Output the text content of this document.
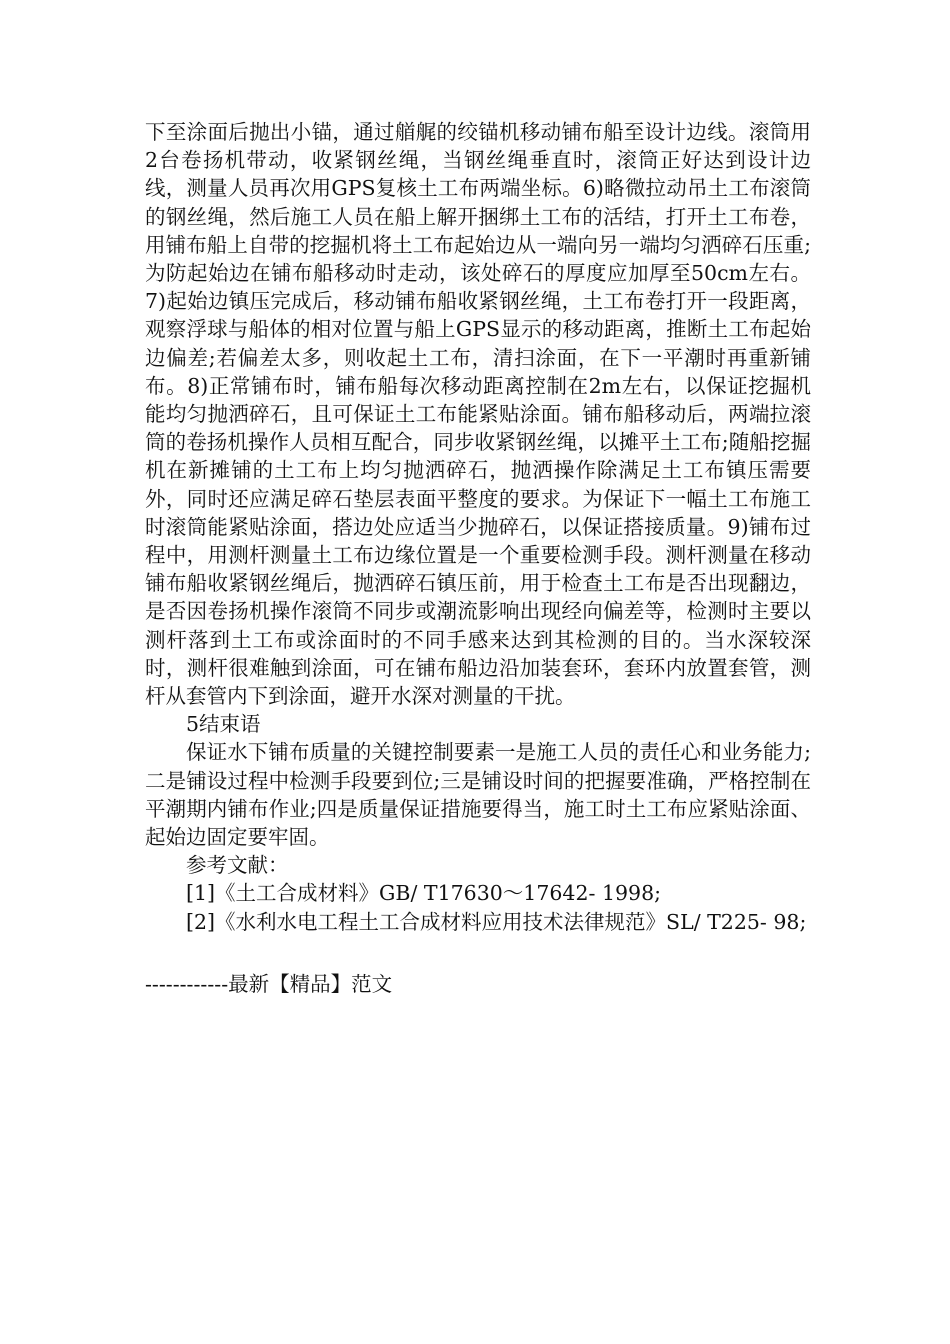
下至涂面后抛出小锚，通过艏艉的绞锚机移动铺布船至设计边线。滚筒用2台卷扬机带动，收紧钢丝绳，当钢丝绳垂直时，滚筒正好达到设计边线，测量人员再次用GPS复核土工布两端坐标。6)略微拉动吊土工布滚筒的钢丝绳，然后施工人员在船上解开捆绑土工布的活结，打开土工布卷，用铺布船上自带的挖掘机将土工布起始边从一端向另一端均匀洒碎石压重;为防起始边在铺布船移动时走动，该处碎石的厚度应加厚至50cm左右。7)起始边镇压完成后，移动铺布船收紧钢丝绳，土工布卷打开一段距离，观察浮球与船体的相对位置与船上GPS显示的移动距离，推断土工布起始边偏差;若偏差太多，则收起土工布，清扫涂面，在下一平潮时再重新铺布。8)正常铺布时，铺布船每次移动距离控制在2m左右，以保证挖掘机能均匀抛洒碎石，且可保证土工布能紧贴涂面。铺布船移动后，两端拉滚筒的卷扬机操作人员相互配合，同步收紧钢丝绳，以摊平土工布;随船挖掘机在新摊铺的土工布上均匀抛洒碎石，抛洒操作除满足土工布镇压需要外，同时还应满足碎石垫层表面平整度的要求。为保证下一幅土工布施工时滚筒能紧贴涂面，搭边处应适当少抛碎石，以保证搭接质量。9)铺布过程中，用测杆测量土工布边缘位置是一个重要检测手段。测杆测量在移动铺布船收紧钢丝绳后，抛洒碎石镇压前，用于检查土工布是否出现翻边，是否因卷扬机操作滚筒不同步或潮流影响出现经向偏差等，检测时主要以测杆落到土工布或涂面时的不同手感来达到其检测的目的。当水深较深时，测杆很难触到涂面，可在铺布船边沿加装套环，套环内放置套管，测杆从套管内下到涂面，避开水深对测量的干扰。

5结束语

保证水下铺布质量的关键控制要素一是施工人员的责任心和业务能力;二是铺设过程中检测手段要到位;三是铺设时间的把握要准确，严格控制在平潮期内铺布作业;四是质量保证措施要得当，施工时土工布应紧贴涂面、起始边固定要牢固。

参考文献：

[1]《土工合成材料》GB/ T17630～17642- 1998;

[2]《水利水电工程土工合成材料应用技术法律规范》SL/ T225- 98;

------------最新【精品】范文
